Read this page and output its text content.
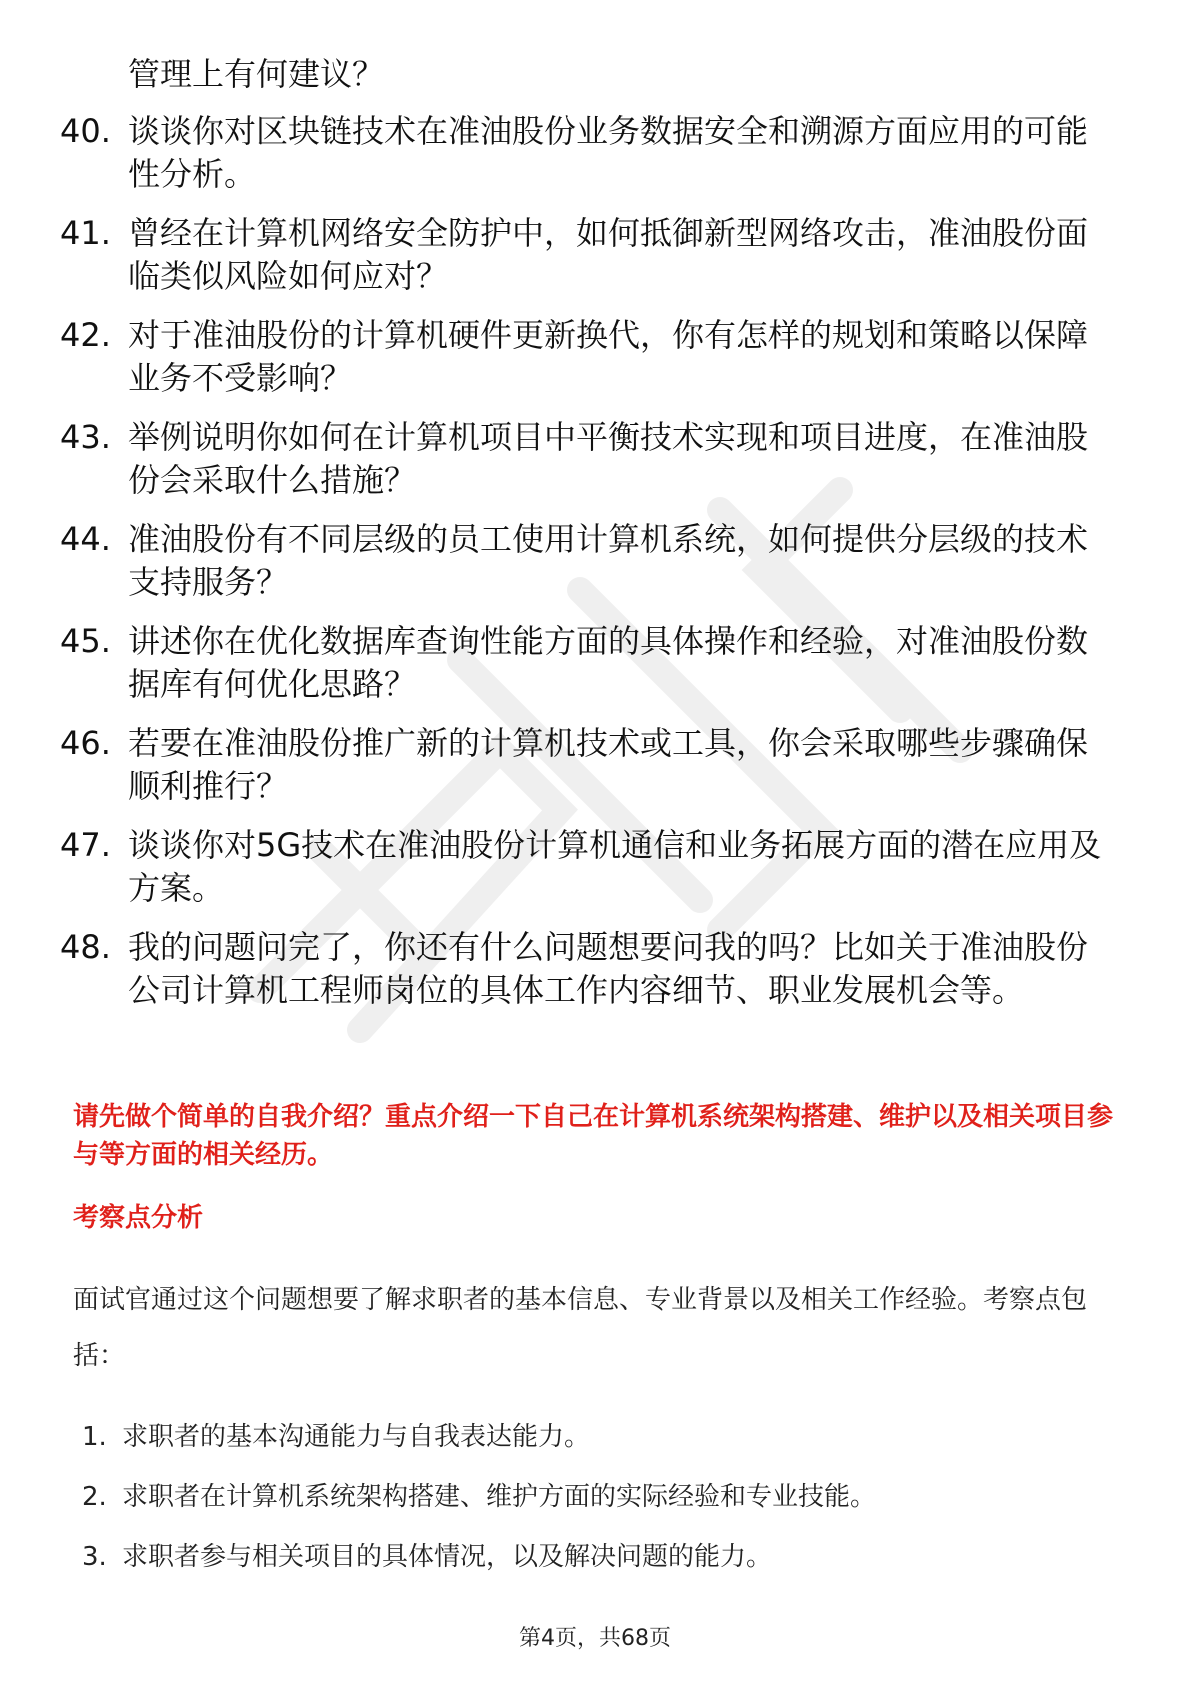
管理上有何建议？
40. 谈谈你对区块链技术在准油股份业务数据安全和溯源方面应用的可能性分析。
41. 曾经在计算机网络安全防护中，如何抵御新型网络攻击，准油股份面临类似风险如何应对？
42. 对于准油股份的计算机硬件更新换代，你有怎样的规划和策略以保障业务不受影响？
43. 举例说明你如何在计算机项目中平衡技术实现和项目进度，在准油股份会采取什么措施？
44. 准油股份有不同层级的员工使用计算机系统，如何提供分层级的技术支持服务？
45. 讲述你在优化数据库查询性能方面的具体操作和经验，对准油股份数据库有何优化思路？
46. 若要在准油股份推广新的计算机技术或工具，你会采取哪些步骤确保顺利推行？
47. 谈谈你对5G技术在准油股份计算机通信和业务拓展方面的潜在应用及方案。
48. 我的问题问完了，你还有什么问题想要问我的吗？比如关于准油股份公司计算机工程师岗位的具体工作内容细节、职业发展机会等。
请先做个简单的自我介绍？重点介绍一下自己在计算机系统架构搭建、维护以及相关项目参与等方面的相关经历。
考察点分析
面试官通过这个问题想要了解求职者的基本信息、专业背景以及相关工作经验。考察点包括：
1. 求职者的基本沟通能力与自我表达能力。
2. 求职者在计算机系统架构搭建、维护方面的实际经验和专业技能。
3. 求职者参与相关项目的具体情况，以及解决问题的能力。
第4页，共68页
